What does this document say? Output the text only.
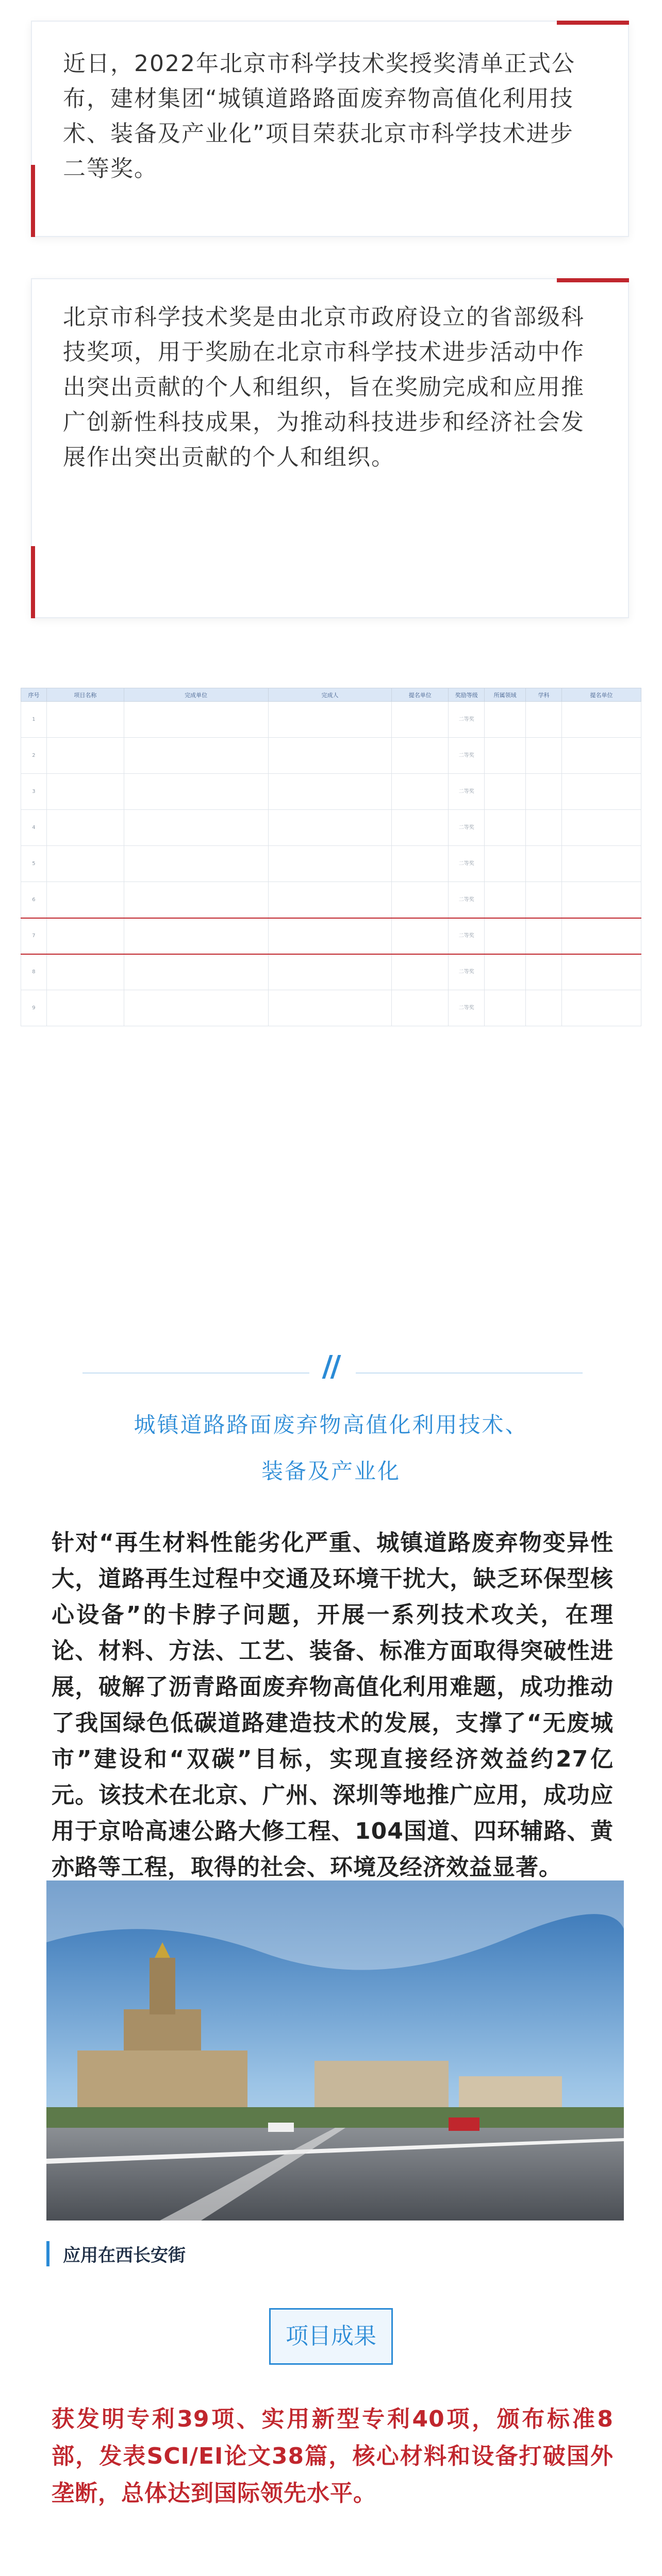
近日，2022年北京市科学技术奖授奖清单正式公布，建材集团“城镇道路路面废弃物高值化利用技术、装备及产业化”项目荣获北京市科学技术进步二等奖。

北京市科学技术奖是由北京市政府设立的省部级科技奖项，用于奖励在北京市科学技术进步活动中作出突出贡献的个人和组织，旨在奖励完成和应用推广创新性科技成果，为推动科技进步和经济社会发展作出突出贡献的个人和组织。

序号	项目名称	完成单位	完成人	提名单位	奖励等级	所属领域	学科	提名单位
1					二等奖			
2					二等奖			
3					二等奖			
4					二等奖			
5					二等奖			
6					二等奖			
7					二等奖			
8					二等奖			
9					二等奖			
城镇道路路面废弃物高值化利用技术、
装备及产业化
针对“再生材料性能劣化严重、城镇道路废弃物变异性大，道路再生过程中交通及环境干扰大，缺乏环保型核心设备”的卡脖子问题，开展一系列技术攻关，在理论、材料、方法、工艺、装备、标准方面取得突破性进展，破解了沥青路面废弃物高值化利用难题，成功推动了我国绿色低碳道路建造技术的发展，支撑了“无废城市”建设和“双碳”目标，实现直接经济效益约27亿元。该技术在北京、广州、深圳等地推广应用，成功应用于京哈高速公路大修工程、104国道、四环辅路、黄亦路等工程，取得的社会、环境及经济效益显著。
应用在西长安街
项目成果
获发明专利39项、实用新型专利40项，颁布标准8部，发表SCI/EI论文38篇，核心材料和设备打破国外垄断，总体达到国际领先水平。
